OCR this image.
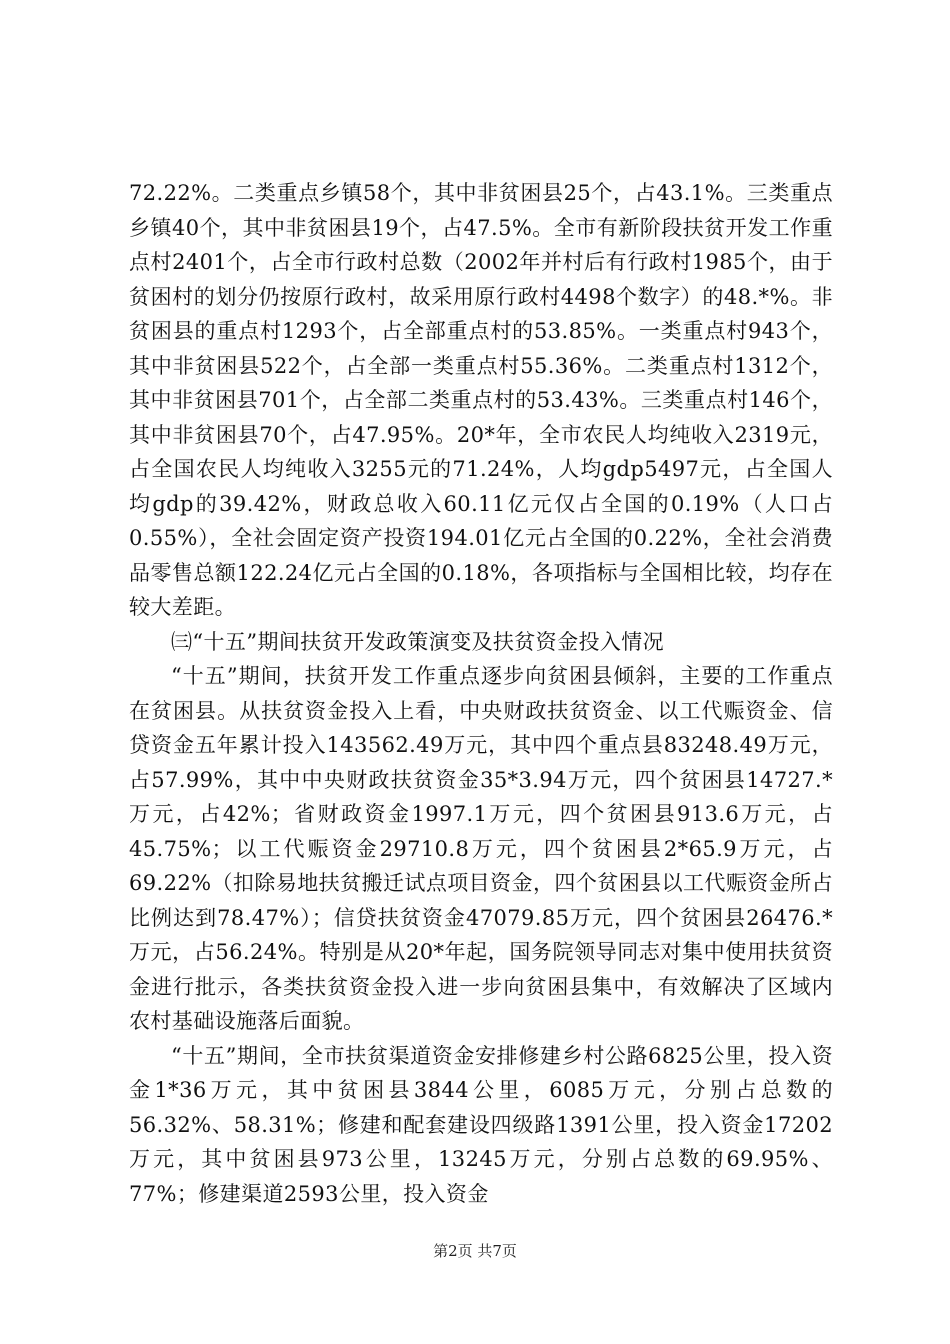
72.22%。二类重点乡镇58个，其中非贫困县25个，占43.1%。三类重点乡镇40个，其中非贫困县19个，占47.5%。全市有新阶段扶贫开发工作重点村2401个，占全市行政村总数（2002年并村后有行政村1985个，由于贫困村的划分仍按原行政村，故采用原行政村4498个数字）的48.*%。非贫困县的重点村1293个，占全部重点村的53.85%。一类重点村943个，其中非贫困县522个，占全部一类重点村55.36%。二类重点村1312个，其中非贫困县701个，占全部二类重点村的53.43%。三类重点村146个，其中非贫困县70个，占47.95%。20*年，全市农民人均纯收入2319元，占全国农民人均纯收入3255元的71.24%，人均gdp5497元，占全国人均gdp的39.42%，财政总收入60.11亿元仅占全国的0.19%（人口占0.55%），全社会固定资产投资194.01亿元占全国的0.22%，全社会消费品零售总额122.24亿元占全国的0.18%，各项指标与全国相比较，均存在较大差距。

㈢“十五”期间扶贫开发政策演变及扶贫资金投入情况

“十五”期间，扶贫开发工作重点逐步向贫困县倾斜，主要的工作重点在贫困县。从扶贫资金投入上看，中央财政扶贫资金、以工代赈资金、信贷资金五年累计投入143562.49万元，其中四个重点县83248.49万元，占57.99%，其中中央财政扶贫资金35*3.94万元，四个贫困县14727.*万元，占42%；省财政资金1997.1万元，四个贫困县913.6万元，占45.75%；以工代赈资金29710.8万元，四个贫困县2*65.9万元，占69.22%（扣除易地扶贫搬迁试点项目资金，四个贫困县以工代赈资金所占比例达到78.47%）；信贷扶贫资金47079.85万元，四个贫困县26476.*万元，占56.24%。特别是从20*年起，国务院领导同志对集中使用扶贫资金进行批示，各类扶贫资金投入进一步向贫困县集中，有效解决了区域内农村基础设施落后面貌。

“十五”期间，全市扶贫渠道资金安排修建乡村公路6825公里，投入资金1*36万元，其中贫困县3844公里，6085万元，分别占总数的56.32%、58.31%；修建和配套建设四级路1391公里，投入资金17202万元，其中贫困县973公里，13245万元，分别占总数的69.95%、77%；修建渠道2593公里，投入资金

第2页 共7页
